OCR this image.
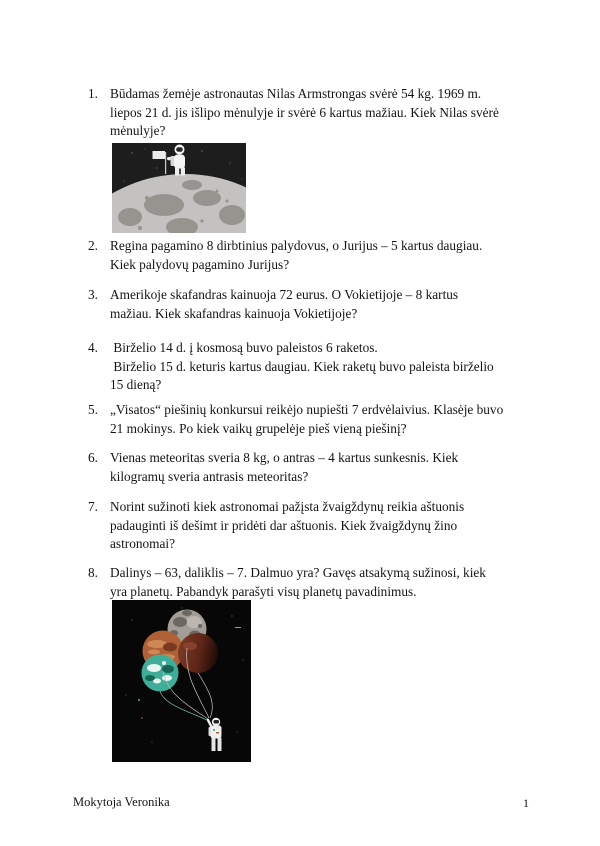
1. Būdamas žemėje astronautas Nilas Armstrongas svėrė 54 kg. 1969 m.
liepos 21 d. jis išlipo mėnulyje ir svėrė 6 kartus mažiau. Kiek Nilas svėrė
mėnulyje?
2. Regina pagamino 8 dirbtinius palydovus, o Jurijus – 5 kartus daugiau.
Kiek palydovų pagamino Jurijus?
3. Amerikoje skafandras kainuoja 72 eurus. O Vokietijoje – 8 kartus
mažiau. Kiek skafandras kainuoja Vokietijoje?
4. Birželio 14 d. į kosmosą buvo paleistos 6 raketos.
Birželio 15 d. keturis kartus daugiau. Kiek raketų buvo paleista birželio
15 dieną?
5. „Visatos“ piešinių konkursui reikėjo nupiešti 7 erdvėlaivius. Klasėje buvo
21 mokinys. Po kiek vaikų grupelėje pieš vieną piešinį?
6. Vienas meteoritas sveria 8 kg, o antras – 4 kartus sunkesnis. Kiek
kilogramų sveria antrasis meteoritas?
7. Norint sužinoti kiek astronomai pažįsta žvaigždynų reikia aštuonis
padauginti iš dešimt ir pridėti dar aštuonis. Kiek žvaigždynų žino
astronomai?
8. Dalinys – 63, daliklis – 7. Dalmuo yra? Gavęs atsakymą sužinosi, kiek
yra planetų. Pabandyk parašyti visų planetų pavadinimus.
Mokytoja Veronika	1
